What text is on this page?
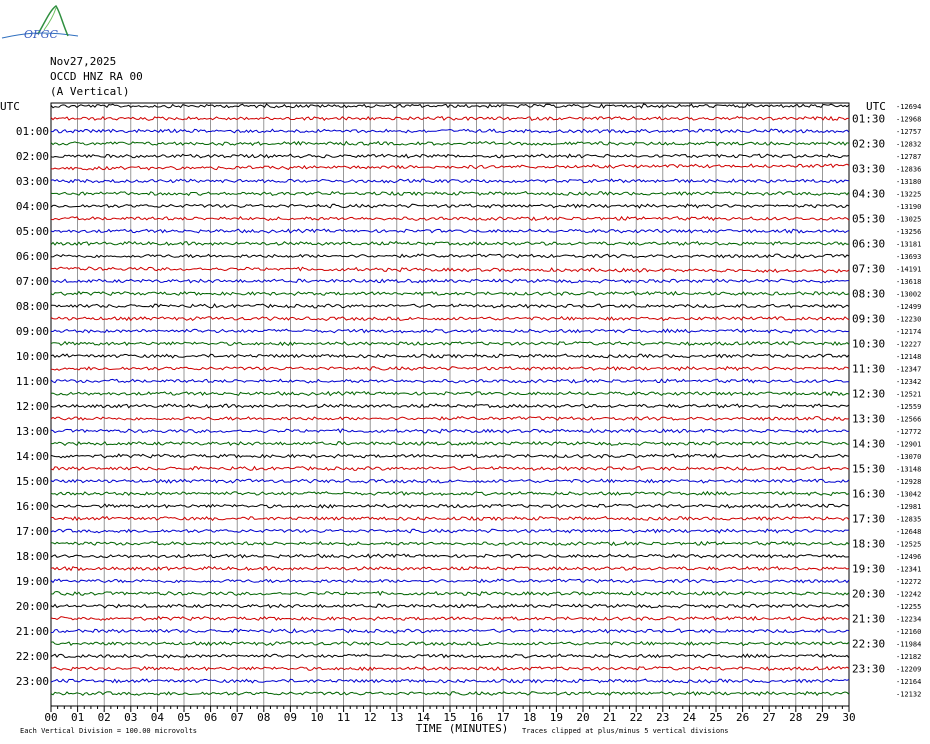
OFGC
Nov27,2025
OCCD HNZ RA 00
(A Vertical)
-12694
-12968
-12757
-12832
-12787
-12836
-13180
-13225
-13190
-13025
-13256
-13181
-13693
-14191
-13618
-13002
-12499
-12230
-12174
-12227
-12148
-12347
-12342
-12521
-12559
-12566
-12772
-12901
-13070
-13148
-12928
-13042
-12981
-12835
-12648
-12525
-12496
-12341
-12272
-12242
-12255
-12234
-12160
-11984
-12182
-12209
-12164
-12132
UTC	UTC
01:00
02:00
03:00
04:00
05:00
06:00
07:00
08:00
09:00
10:00
11:00
12:00
13:00
14:00
15:00
16:00
17:00
18:00
19:00
20:00
21:00
22:00
23:00
01:30
02:30
03:30
04:30
05:30
06:30
07:30
08:30
09:30
10:30
11:30
12:30
13:30
14:30
15:30
16:30
17:30
18:30
19:30
20:30
21:30
22:30
23:30
00 01 02 03 04 05 06 07 08 09 10 11 12 13 14 15 16 17 18 19 20 21 22 23 24 25 26 27 28 29 30
TIME (MINUTES)
Each Vertical Division = 100.00 microvolts	Traces clipped at plus/minus 5 vertical divisions
